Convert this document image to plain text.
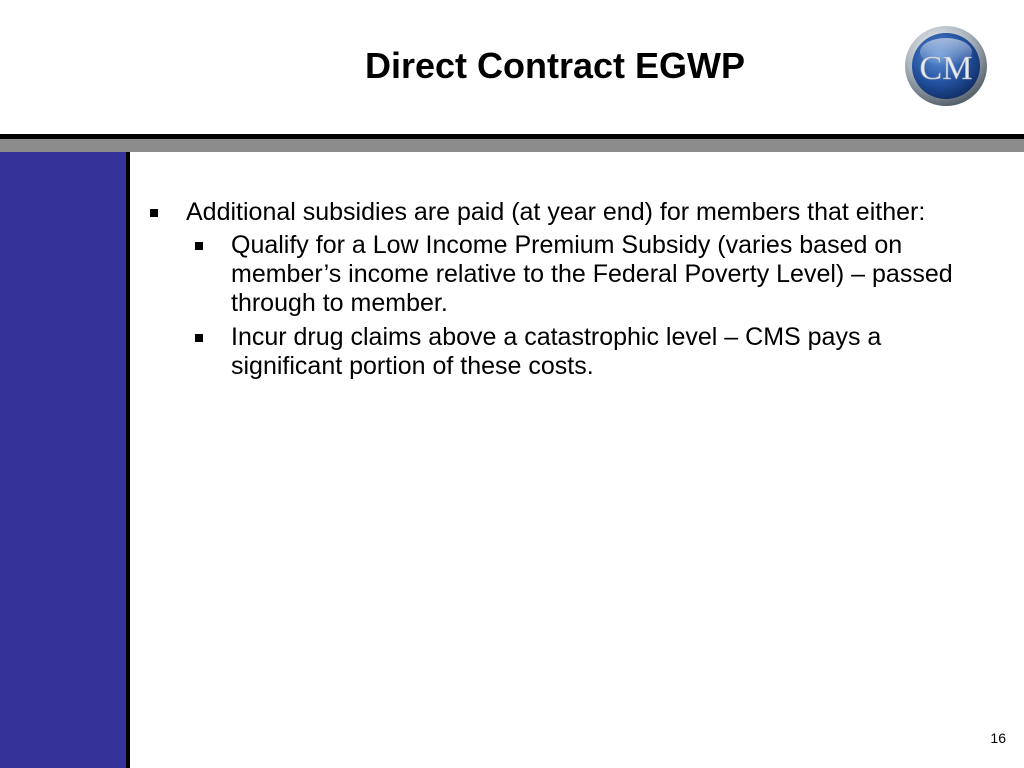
Direct Contract EGWP	CM
Additional subsidies are paid (at year end) for members that either:
Qualify for a Low Income Premium Subsidy (varies based on member’s income relative to the Federal Poverty Level) – passed through to member.
Incur drug claims above a catastrophic level – CMS pays a significant portion of these costs.
16
